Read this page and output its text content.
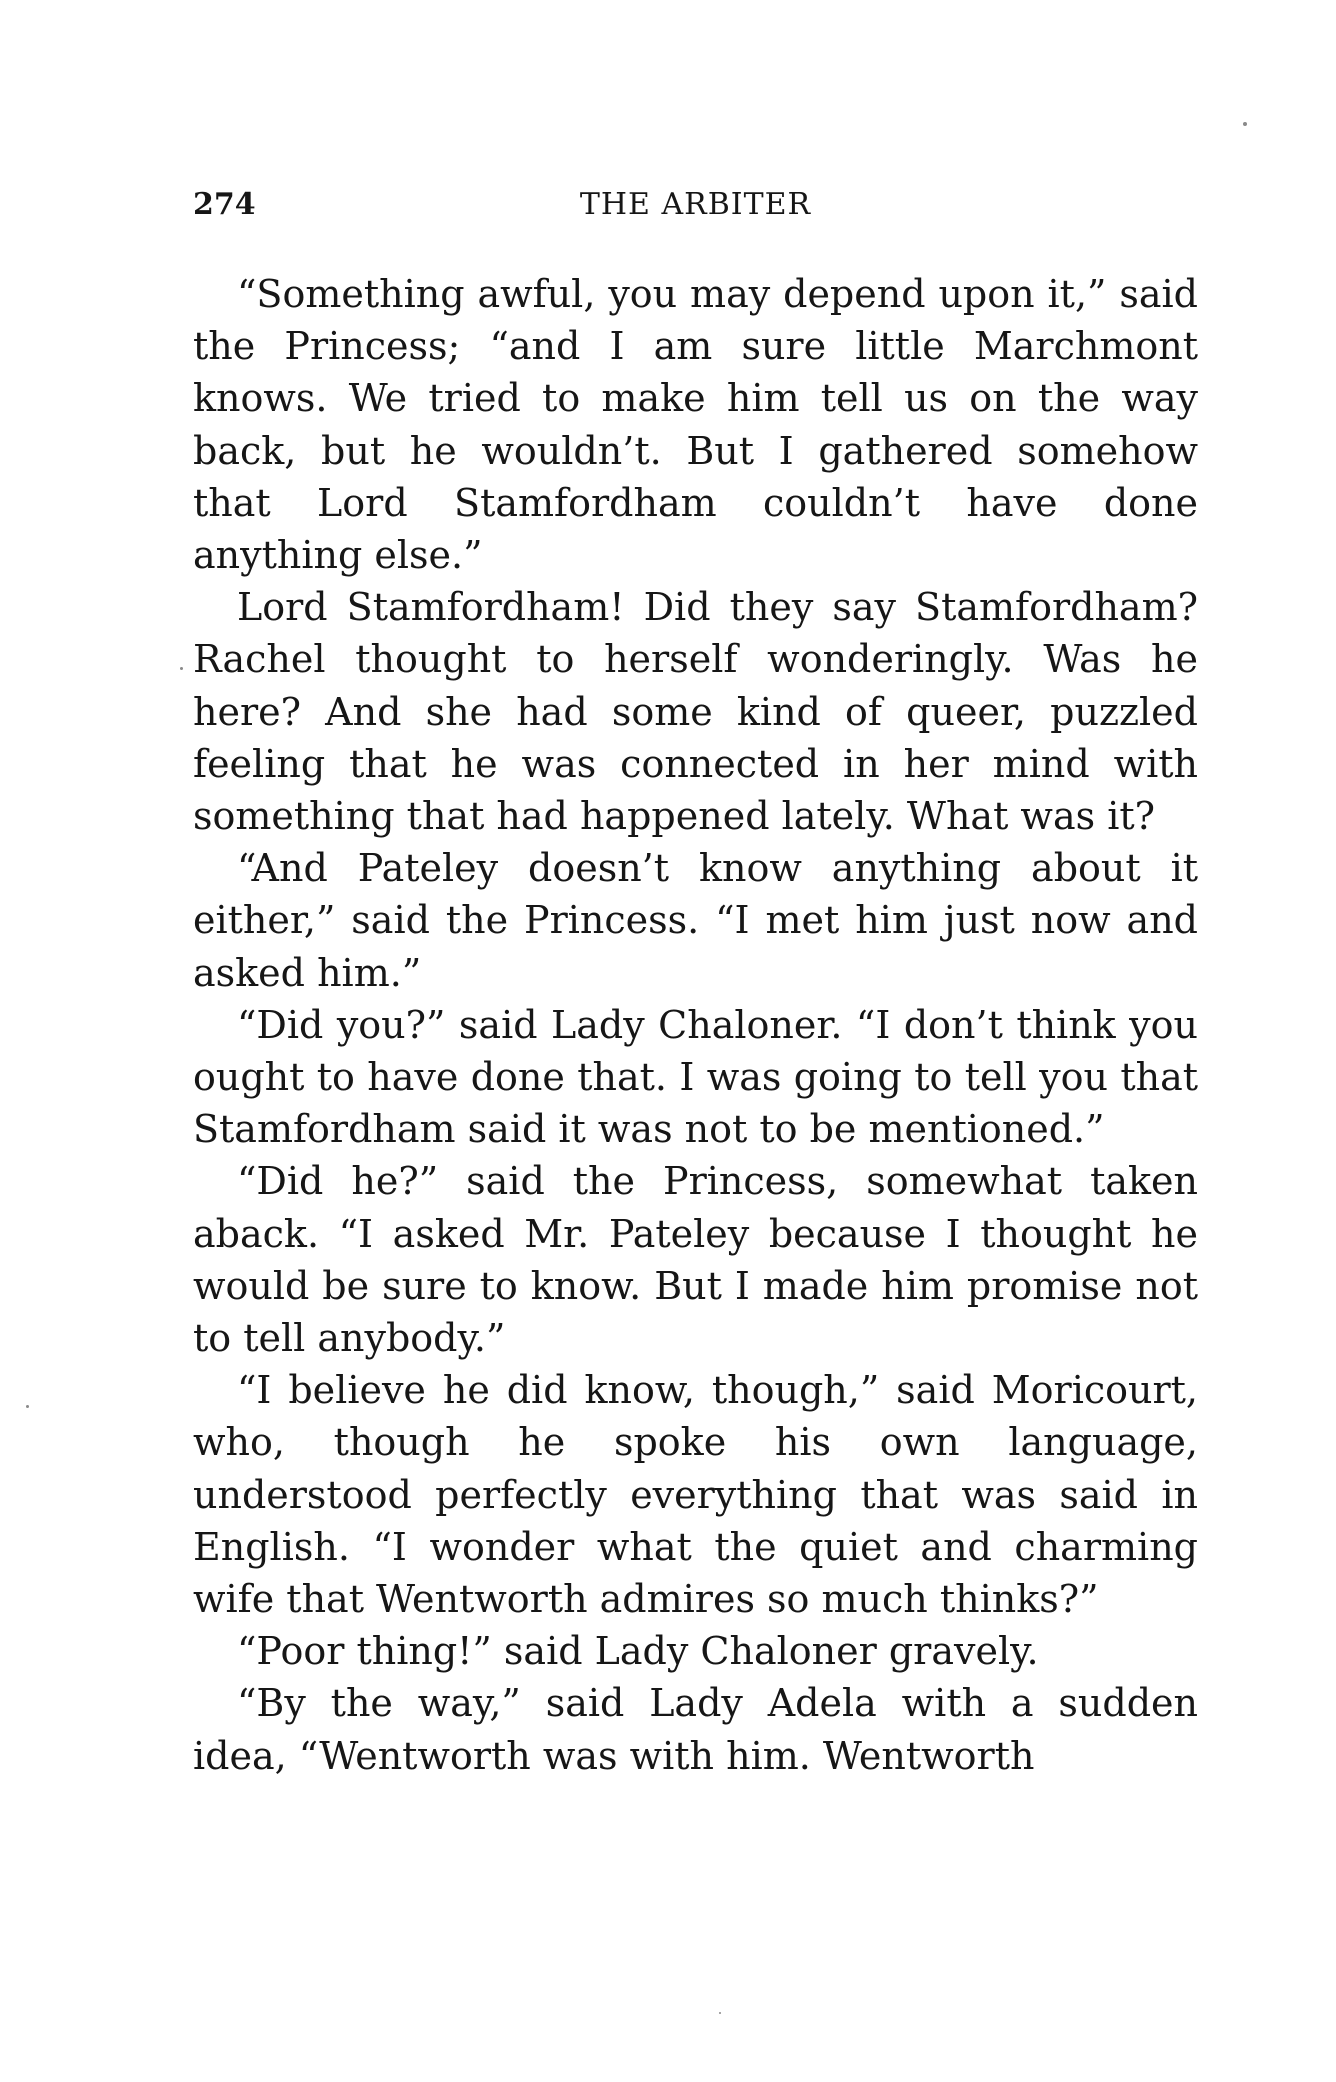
274	THE ARBITER

“Something awful, you may depend upon it,” said the Princess; “and I am sure little Marchmont knows. We tried to make him tell us on the way back, but he wouldn’t. But I gathered somehow that Lord Stamfordham couldn’t have done anything else.”

Lord Stamfordham! Did they say Stamfordham? Rachel thought to herself wonderingly. Was he here? And she had some kind of queer, puzzled feeling that he was connected in her mind with something that had happened lately. What was it?

“And Pateley doesn’t know anything about it either,” said the Princess. “I met him just now and asked him.”

“Did you?” said Lady Chaloner. “I don’t think you ought to have done that. I was going to tell you that Stamfordham said it was not to be mentioned.”

“Did he?” said the Princess, somewhat taken aback. “I asked Mr. Pateley because I thought he would be sure to know. But I made him promise not to tell anybody.”

“I believe he did know, though,” said Moricourt, who, though he spoke his own language, understood perfectly everything that was said in English. “I wonder what the quiet and charming wife that Wentworth admires so much thinks?”

“Poor thing!” said Lady Chaloner gravely.

“By the way,” said Lady Adela with a sudden idea, “Wentworth was with him. Wentworth
